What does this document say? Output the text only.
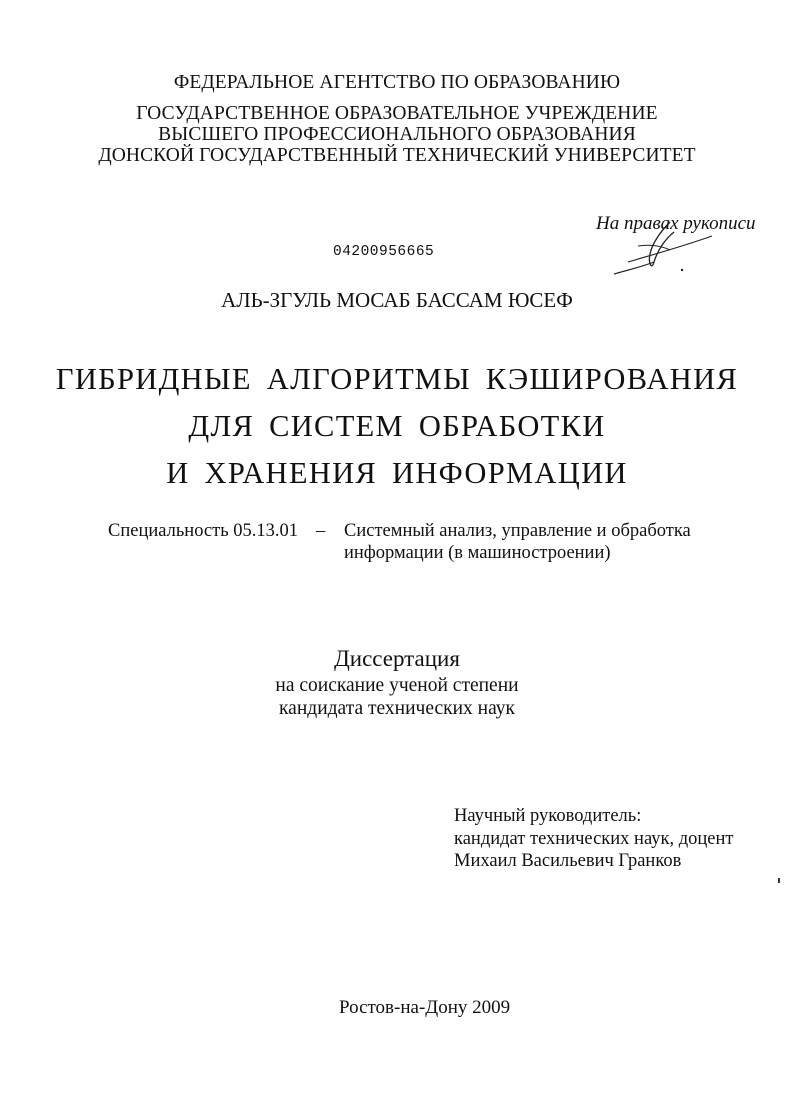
ФЕДЕРАЛЬНОЕ АГЕНТСТВО ПО ОБРАЗОВАНИЮ
ГОСУДАРСТВЕННОЕ ОБРАЗОВАТЕЛЬНОЕ УЧРЕЖДЕНИЕ
ВЫСШЕГО ПРОФЕССИОНАЛЬНОГО ОБРАЗОВАНИЯ
ДОНСКОЙ ГОСУДАРСТВЕННЫЙ ТЕХНИЧЕСКИЙ УНИВЕРСИТЕТ
На правах рукописи
04200956665
АЛЬ-ЗГУЛЬ МОСАБ БАССАМ ЮСЕФ
ГИБРИДНЫЕ АЛГОРИТМЫ КЭШИРОВАНИЯ
ДЛЯ СИСТЕМ ОБРАБОТКИ
И ХРАНЕНИЯ ИНФОРМАЦИИ
Специальность 05.13.01 – Системный анализ, управление и обработка
информации (в машиностроении)
Диссертация
на соискание ученой степени
кандидата технических наук
Научный руководитель:
кандидат технических наук, доцент
Михаил Васильевич Гранков
Ростов-на-Дону 2009
